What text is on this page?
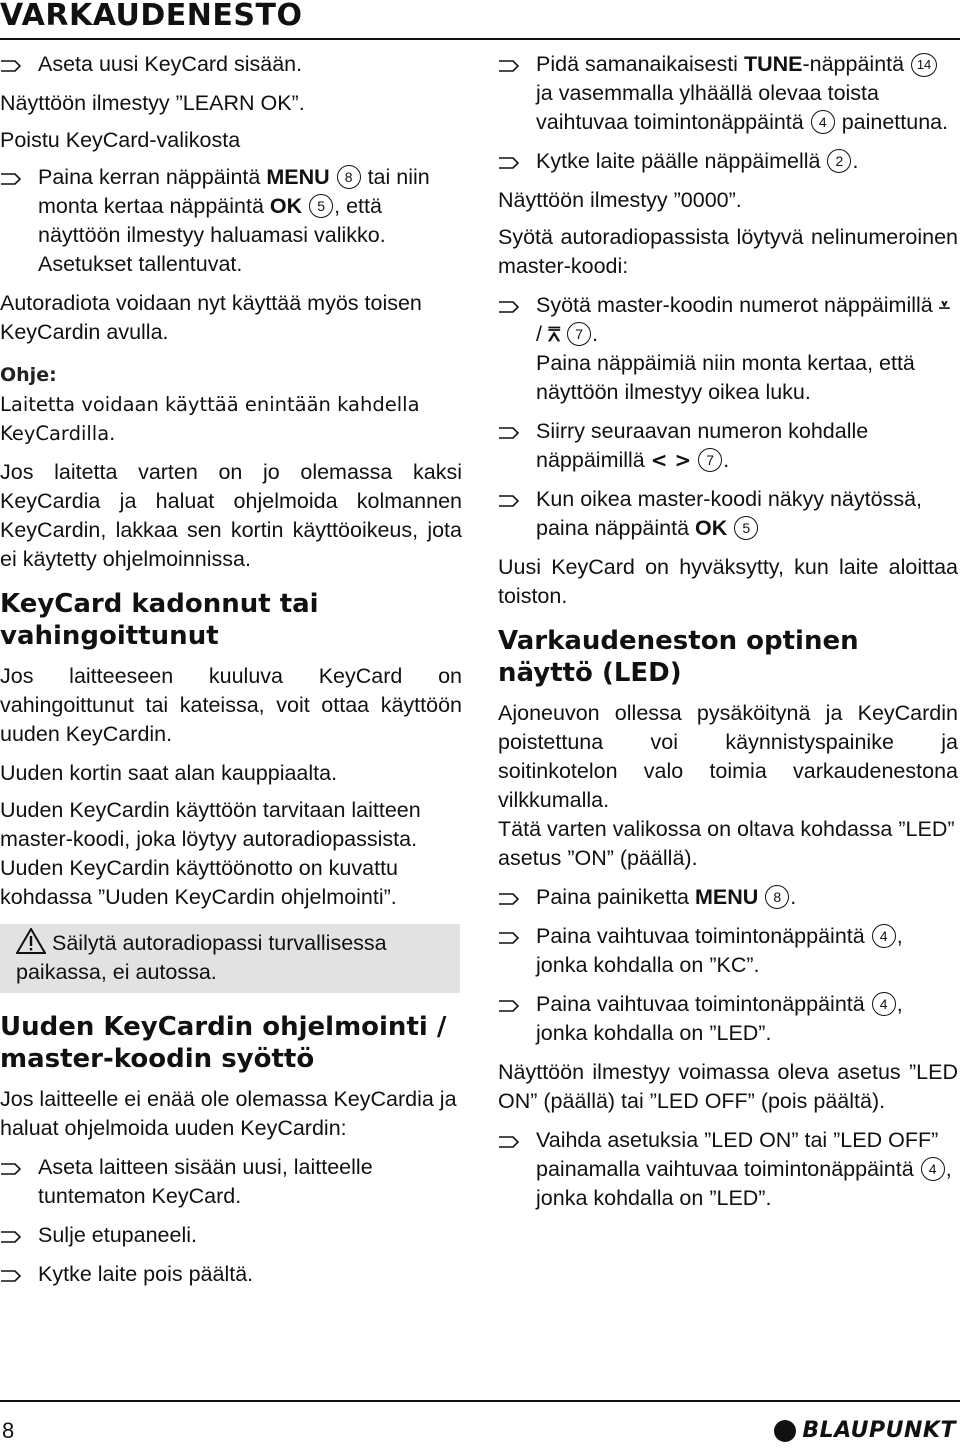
VARKAUDENESTO
Aseta uusi KeyCard sisään.

Näyttöön ilmestyy ”LEARN OK”.

Poistu KeyCard-valikosta

Paina kerran näppäintä MENU 8 tai niin monta kertaa näppäintä OK 5 , että näyttöön ilmestyy haluamasi valikko. Asetukset tallentuvat.

Autoradiota voidaan nyt käyttää myös toisen KeyCardin avulla.

Ohje:
Laitetta voidaan käyttää enintään kahdella KeyCardilla.

Jos laitetta varten on jo olemassa kaksi KeyCardia ja haluat ohjelmoida kolmannen KeyCardin, lakkaa sen kortin käyttöoikeus, jota ei käytetty ohjelmoinnissa.

KeyCard kadonnut tai vahingoittunut

Jos laitteeseen kuuluva KeyCard on vahingoittunut tai kateissa, voit ottaa käyttöön uuden KeyCardin.

Uuden kortin saat alan kauppiaalta.

Uuden KeyCardin käyttöön tarvitaan laitteen master-koodi, joka löytyy autoradiopassista. Uuden KeyCardin käyttöönotto on kuvattu kohdassa ”Uuden KeyCardin ohjelmointi”.

Säilytä autoradiopassi turvallisessa paikassa, ei autossa.
Uuden KeyCardin ohjelmointi / master-koodin syöttö

Jos laitteelle ei enää ole olemassa KeyCardia ja haluat ohjelmoida uuden KeyCardin:

Aseta laitteen sisään uusi, laitteelle tuntematon KeyCard.
Sulje etupaneeli.
Kytke laite pois päältä.
Pidä samanaikaisesti TUNE-näppäintä 14 ja vasemmalla ylhäällä olevaa toista vaihtuvaa toimintonäppäintä 4 painettuna.
Kytke laite päälle näppäimellä 2 .

Näyttöön ilmestyy ”0000”.

Syötä autoradiopassista löytyvä nelinumeroinen master-koodi:

Syötä master-koodin numerot näppäimillä ⩡ / ⩞ 7 .
Paina näppäimiä niin monta kertaa, että näyttöön ilmestyy oikea luku.
Siirry seuraavan numeron kohdalle näppäimillä < > 7 .
Kun oikea master-koodi näkyy näytössä, paina näppäintä OK 5

Uusi KeyCard on hyväksytty, kun laite aloittaa toiston.

Varkaudeneston optinen näyttö (LED)

Ajoneuvon ollessa pysäköitynä ja KeyCardin poistettuna voi käynnistyspainike ja soitinkotelon valo toimia varkaudenestona vilkkumalla.

Tätä varten valikossa on oltava kohdassa ”LED” asetus ”ON” (päällä).

Paina painiketta MENU 8 .
Paina vaihtuvaa toimintonäppäintä 4 , jonka kohdalla on ”KC”.
Paina vaihtuvaa toimintonäppäintä 4 , jonka kohdalla on ”LED”.

Näyttöön ilmestyy voimassa oleva asetus ”LED ON” (päällä) tai ”LED OFF” (pois päältä).

Vaihda asetuksia ”LED ON” tai ”LED OFF” painamalla vaihtuvaa toimintonäppäintä 4 , jonka kohdalla on ”LED”.
8	BLAUPUNKT
